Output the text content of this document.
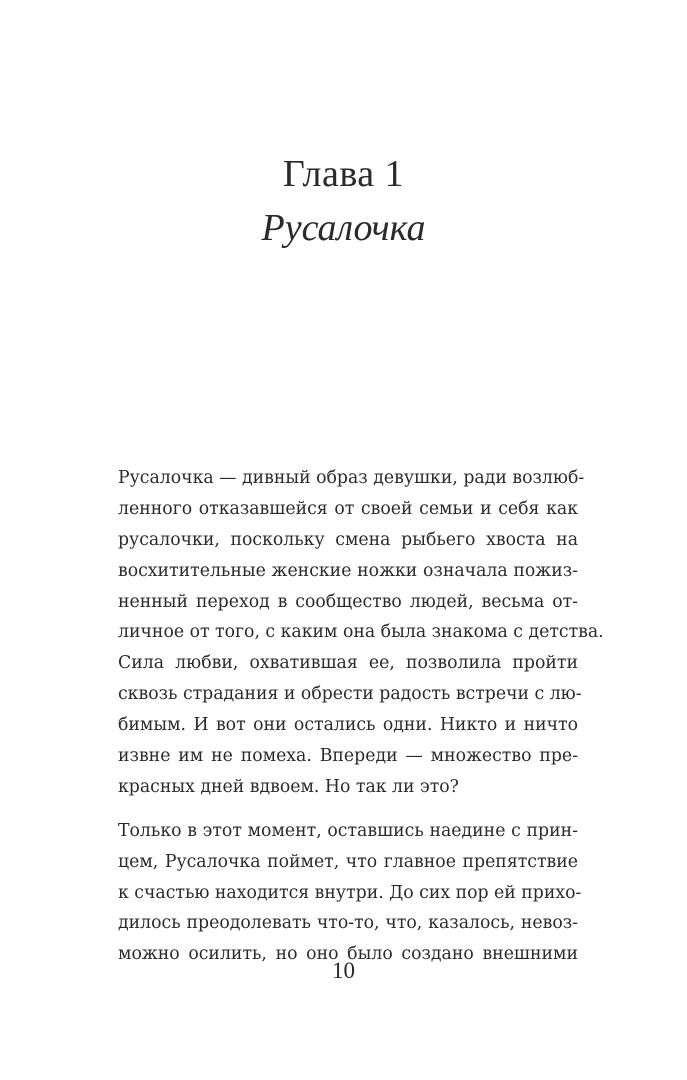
Глава 1
Русалочка
Русалочка — дивный образ девушки, ради возлюб-
ленного отказавшейся от своей семьи и себя как
русалочки, поскольку смена рыбьего хвоста на
восхитительные женские ножки означала пожиз-
ненный переход в сообщество людей, весьма от-
личное от того, с каким она была знакома с детства.
Сила любви, охватившая ее, позволила пройти
сквозь страдания и обрести радость встречи с лю-
бимым. И вот они остались одни. Никто и ничто
извне им не помеха. Впереди — множество пре-
красных дней вдвоем. Но так ли это?
Только в этот момент, оставшись наедине с прин-
цем, Русалочка поймет, что главное препятствие
к счастью находится внутри. До сих пор ей прихо-
дилось преодолевать что-то, что, казалось, невоз-
можно осилить, но оно было создано внешними
10
